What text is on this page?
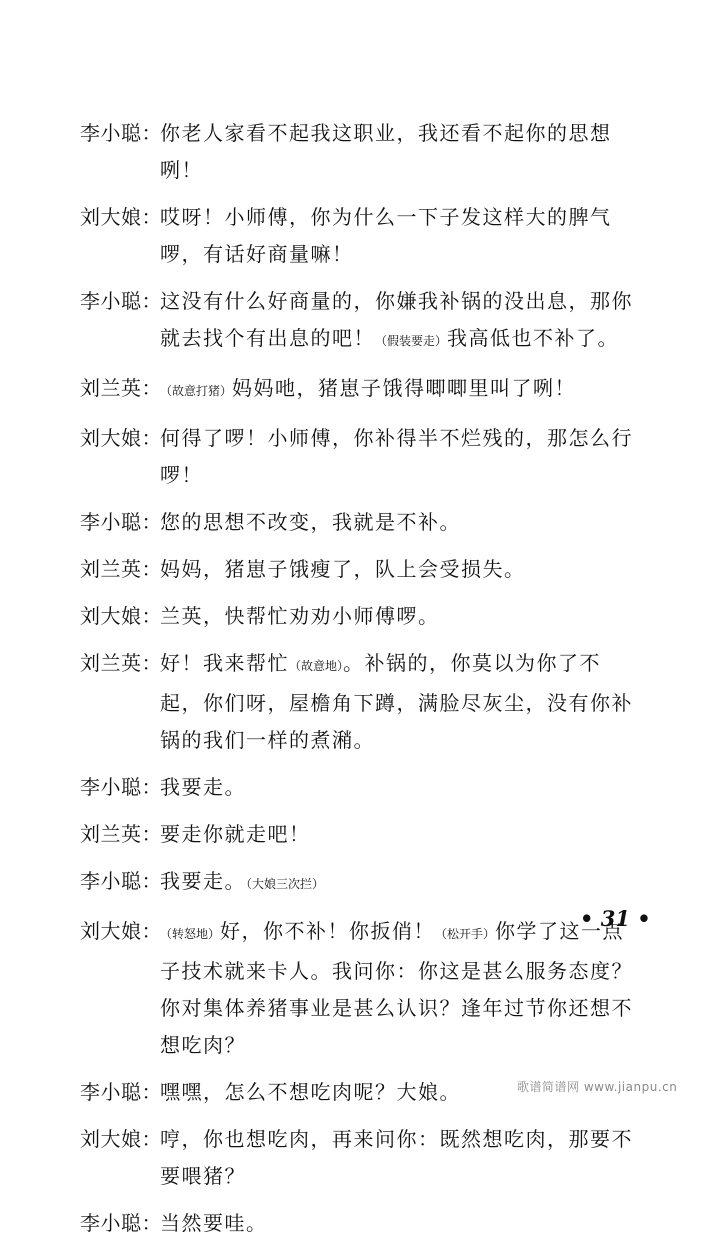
李小聪：
你老人家看不起我这职业，我还看不起你的思想咧！
刘大娘：
哎呀！小师傅，你为什么一下子发这样大的脾气啰，有话好商量嘛！
李小聪：
这没有什么好商量的，你嫌我补锅的没出息，那你就去找个有出息的吧！（假装要走）我高低也不补了。
刘兰英：
（故意打猪）妈妈吔，猪崽子饿得唧唧里叫了咧！
刘大娘：
何得了啰！小师傅，你补得半不烂残的，那怎么行啰！
李小聪：
您的思想不改变，我就是不补。
刘兰英：
妈妈，猪崽子饿瘦了，队上会受损失。
刘大娘：
兰英，快帮忙劝劝小师傅啰。
刘兰英：
好！我来帮忙（故意地）。补锅的，你莫以为你了不起，你们呀，屋檐角下蹲，满脸尽灰尘，没有你补锅的我们一样的煮潲。
李小聪：
我要走。
刘兰英：
要走你就走吧！
李小聪：
我要走。（大娘三次拦）
刘大娘：
（转怒地）好，你不补！你扳俏！（松开手）你学了这一点子技术就来卡人。我问你：你这是甚么服务态度？你对集体养猪事业是甚么认识？逢年过节你还想不想吃肉？
李小聪：
嘿嘿，怎么不想吃肉呢？大娘。
刘大娘：
哼，你也想吃肉，再来问你：既然想吃肉，那要不要喂猪？
李小聪：
当然要哇。
• 31 •
歌谱简谱网 www.jianpu.cn
